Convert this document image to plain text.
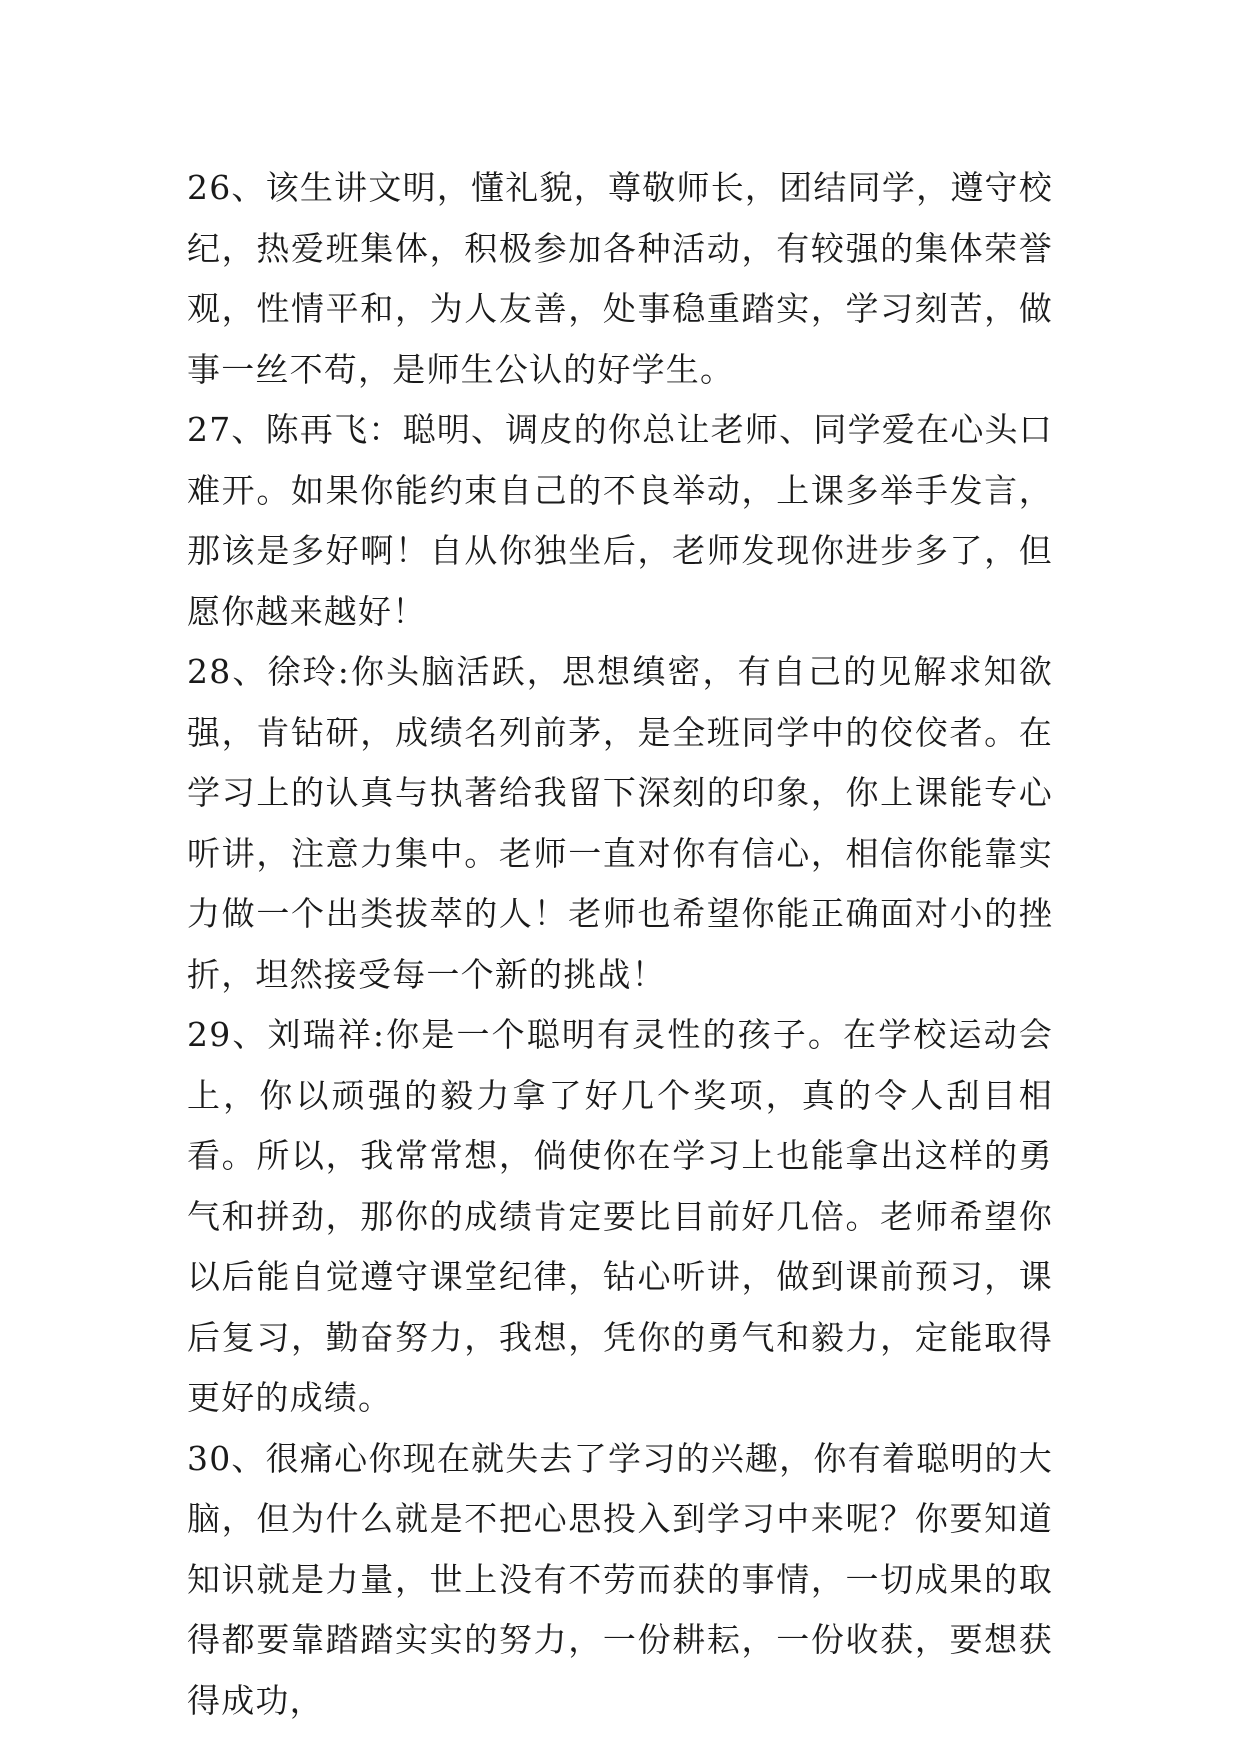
26、该生讲文明，懂礼貌，尊敬师长，团结同学，遵守校纪，热爱班集体，积极参加各种活动，有较强的集体荣誉观，性情平和，为人友善，处事稳重踏实，学习刻苦，做事一丝不苟，是师生公认的好学生。

27、陈再飞：聪明、调皮的你总让老师、同学爱在心头口难开。如果你能约束自己的不良举动，上课多举手发言，那该是多好啊！自从你独坐后，老师发现你进步多了，但愿你越来越好！

28、徐玲:你头脑活跃，思想缜密，有自己的见解求知欲强，肯钻研，成绩名列前茅，是全班同学中的佼佼者。在学习上的认真与执著给我留下深刻的印象，你上课能专心听讲，注意力集中。老师一直对你有信心，相信你能靠实力做一个出类拔萃的人！老师也希望你能正确面对小的挫折，坦然接受每一个新的挑战！

29、刘瑞祥:你是一个聪明有灵性的孩子。在学校运动会上，你以顽强的毅力拿了好几个奖项，真的令人刮目相看。所以，我常常想，倘使你在学习上也能拿出这样的勇气和拼劲，那你的成绩肯定要比目前好几倍。老师希望你以后能自觉遵守课堂纪律，钻心听讲，做到课前预习，课后复习，勤奋努力，我想，凭你的勇气和毅力，定能取得更好的成绩。

30、很痛心你现在就失去了学习的兴趣，你有着聪明的大脑，但为什么就是不把心思投入到学习中来呢？你要知道知识就是力量，世上没有不劳而获的事情，一切成果的取得都要靠踏踏实实的努力，一份耕耘，一份收获，要想获得成功，
